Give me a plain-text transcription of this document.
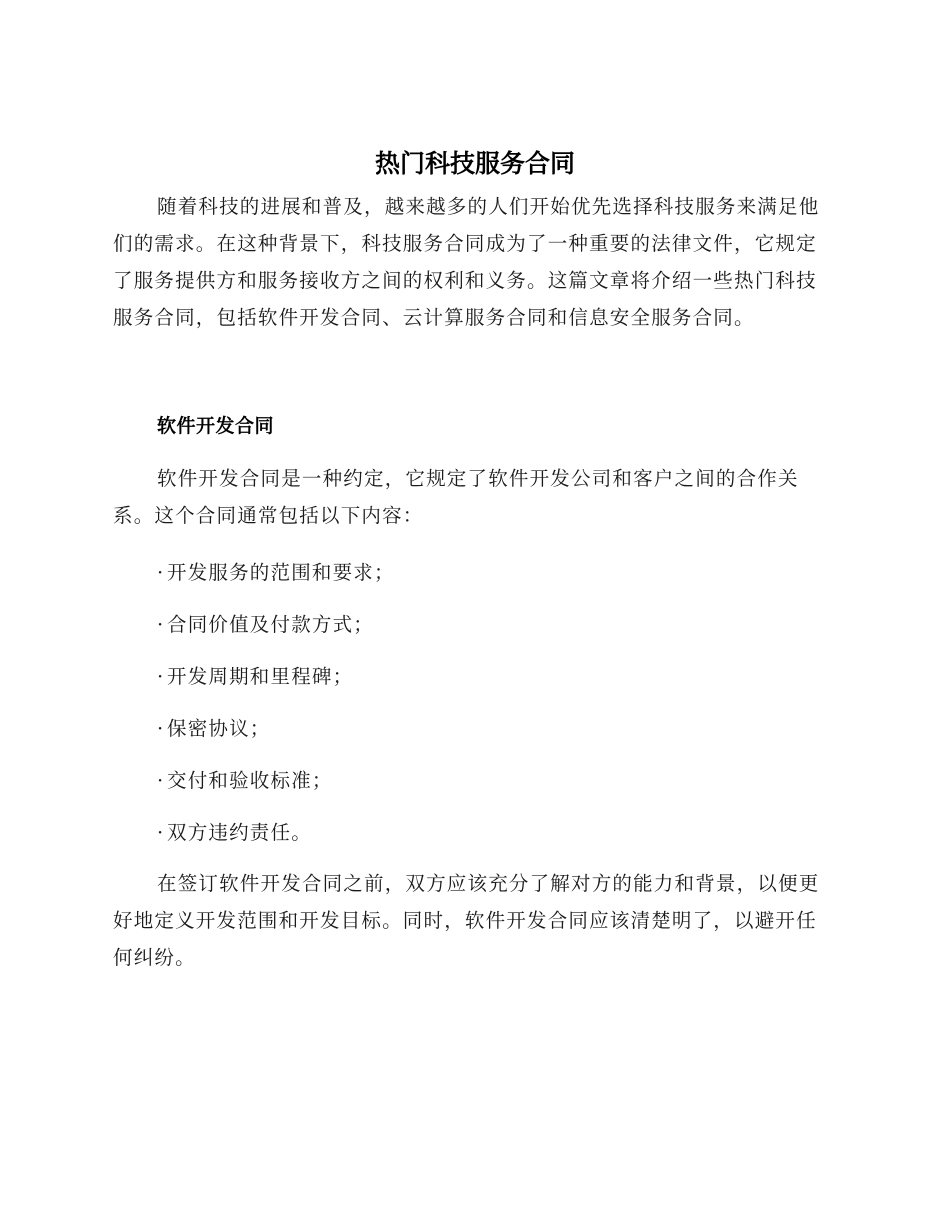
热门科技服务合同

随着科技的进展和普及，越来越多的人们开始优先选择科技服务来满足他们的需求。在这种背景下，科技服务合同成为了一种重要的法律文件，它规定了服务提供方和服务接收方之间的权利和义务。这篇文章将介绍一些热门科技服务合同，包括软件开发合同、云计算服务合同和信息安全服务合同。

软件开发合同

软件开发合同是一种约定，它规定了软件开发公司和客户之间的合作关系。这个合同通常包括以下内容：

· 开发服务的范围和要求；
· 合同价值及付款方式；
· 开发周期和里程碑；
· 保密协议；
· 交付和验收标准；
· 双方违约责任。

在签订软件开发合同之前，双方应该充分了解对方的能力和背景，以便更好地定义开发范围和开发目标。同时，软件开发合同应该清楚明了，以避开任何纠纷。
